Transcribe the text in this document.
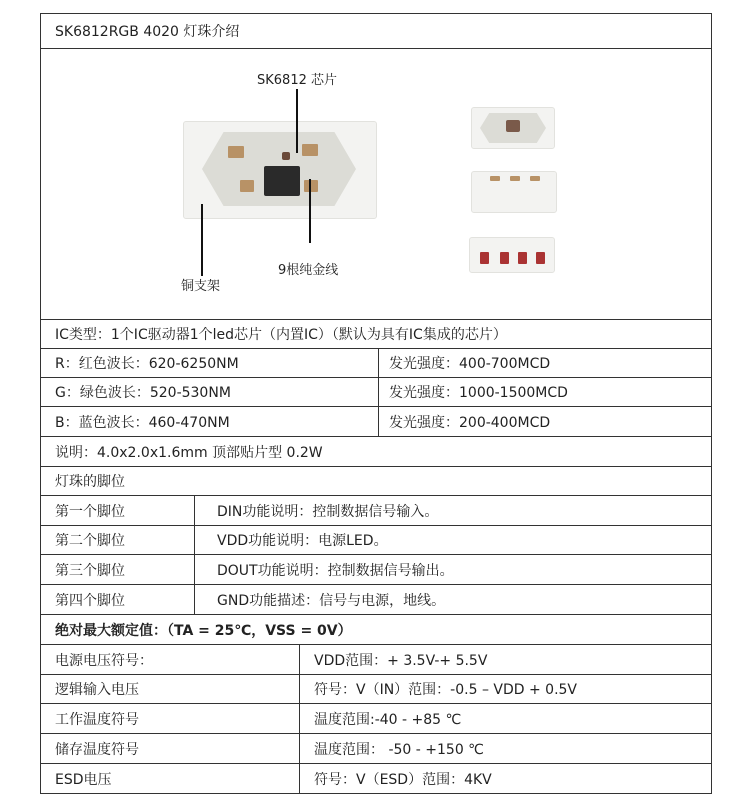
SK6812RGB 4020 灯珠介绍
SK6812 芯片
9根纯金线
铜支架
IC类型：1个IC驱动器1个led芯片（内置IC）（默认为具有IC集成的芯片）
R：红色波长：620-6250NM	发光强度：400-700MCD
G：绿色波长：520-530NM	发光强度：1000-1500MCD
B：蓝色波长：460-470NM	发光强度：200-400MCD
说明：4.0x2.0x1.6mm 顶部贴片型 0.2W
灯珠的脚位
第一个脚位	DIN功能说明：控制数据信号输入。
第二个脚位	VDD功能说明：电源LED。
第三个脚位	DOUT功能说明：控制数据信号输出。
第四个脚位	GND功能描述：信号与电源，地线。
绝对最大额定值：（TA = 25℃，VSS = 0V）
电源电压符号：	VDD范围：+ 3.5V-+ 5.5V
逻辑输入电压	符号：V（IN）范围：-0.5 – VDD + 0.5V
工作温度符号	温度范围:-40 - +85 ℃
储存温度符号	温度范围： -50 - +150 ℃
ESD电压	符号：V（ESD）范围：4KV
